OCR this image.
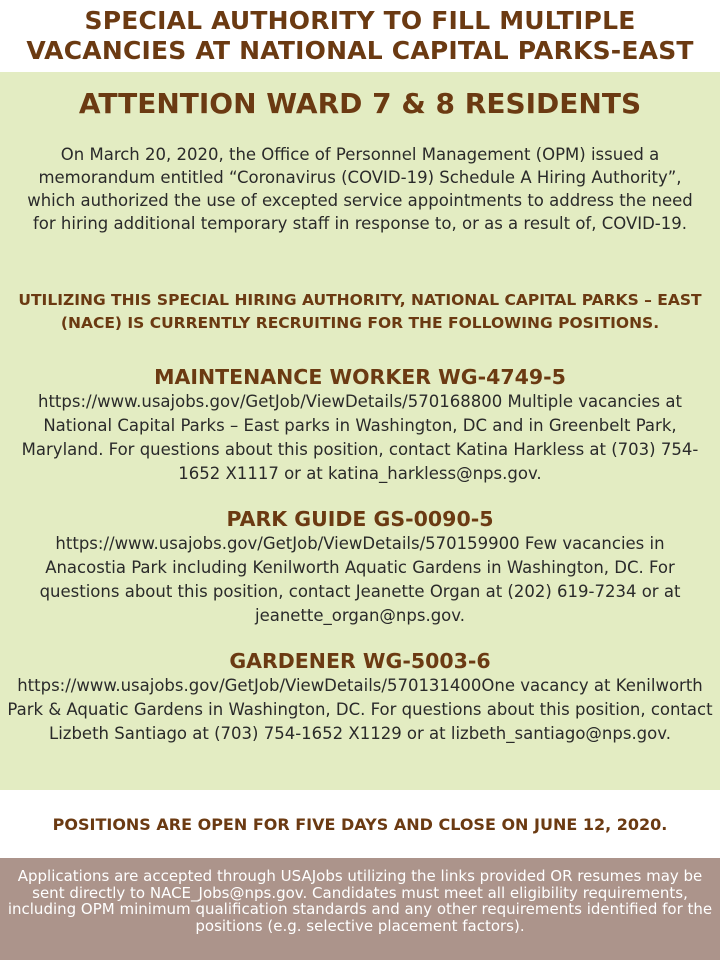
SPECIAL AUTHORITY TO FILL MULTIPLE VACANCIES AT NATIONAL CAPITAL PARKS-EAST
ATTENTION WARD 7 & 8 RESIDENTS

On March 20, 2020, the Office of Personnel Management (OPM) issued a memorandum entitled “Coronavirus (COVID-19) Schedule A Hiring Authority”, which authorized the use of excepted service appointments to address the need for hiring additional temporary staff in response to, or as a result of, COVID-19.

UTILIZING THIS SPECIAL HIRING AUTHORITY, NATIONAL CAPITAL PARKS – EAST (NACE) IS CURRENTLY RECRUITING FOR THE FOLLOWING POSITIONS.

MAINTENANCE WORKER WG-4749-5
https://www.usajobs.gov/GetJob/ViewDetails/570168800 Multiple vacancies at National Capital Parks – East parks in Washington, DC and in Greenbelt Park, Maryland. For questions about this position, contact Katina Harkless at (703) 754-1652 X1117 or at katina_harkless@nps.gov.
PARK GUIDE GS-0090-5
https://www.usajobs.gov/GetJob/ViewDetails/570159900 Few vacancies in Anacostia Park including Kenilworth Aquatic Gardens in Washington, DC. For questions about this position, contact Jeanette Organ at (202) 619-7234 or at jeanette_organ@nps.gov.
GARDENER WG-5003-6
https://www.usajobs.gov/GetJob/ViewDetails/570131400One vacancy at Kenilworth Park & Aquatic Gardens in Washington, DC. For questions about this position, contact Lizbeth Santiago at (703) 754-1652 X1129 or at lizbeth_santiago@nps.gov.

POSITIONS ARE OPEN FOR FIVE DAYS AND CLOSE ON JUNE 12, 2020.

Applications are accepted through USAJobs utilizing the links provided OR resumes may be sent directly to NACE_Jobs@nps.gov. Candidates must meet all eligibility requirements, including OPM minimum qualification standards and any other requirements identified for the positions (e.g. selective placement factors).
